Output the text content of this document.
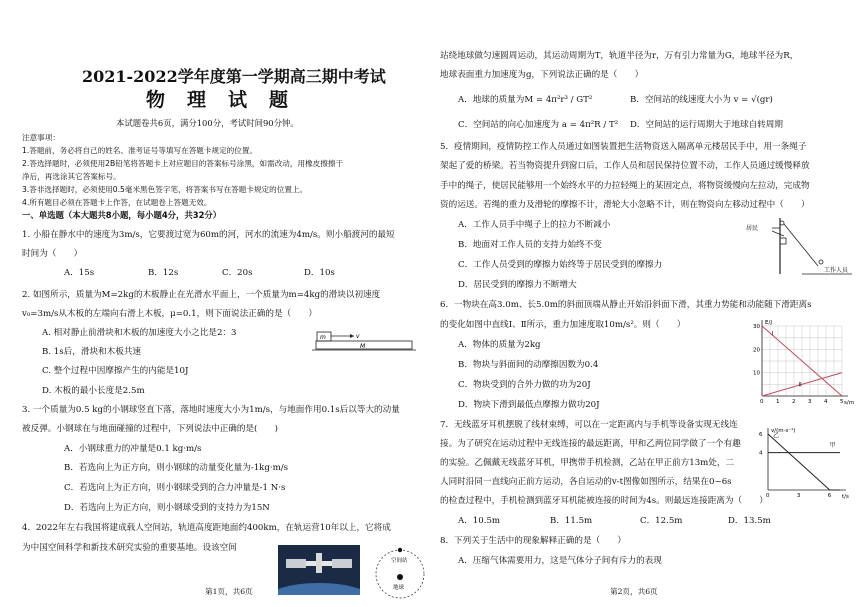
2021-2022学年度第一学期高三期中考试
物理试题
本试题卷共6页，满分100分，考试时间90分钟。
注意事项：
1.答题前，务必将自己的姓名、准考证号等填写在答题卡规定的位置。
2.答选择题时，必须使用2B铅笔将答题卡上对应题目的答案标号涂黑，如需改动，用橡皮擦擦干
净后，再选涂其它答案标号。
3.答非选择题时，必须使用0.5毫米黑色签字笔，将答案书写在答题卡规定的位置上。
4.所有题目必须在答题卡上作答，在试题卷上答题无效。
一、单选题（本大题共8小题，每小题4分，共32分）
1. 小船在静水中的速度为3m/s，它要渡过宽为60m的河，河水的流速为4m/s。则小船渡河的最短
时间为（　　）
A．15s	B．12s	C．20s	D．10s
2. 如图所示，质量为M=2kg的木板静止在光滑水平面上，一个质量为m=4kg的滑块以初速度
v₀=3m/s从木板的左端向右滑上木板，μ=0.1，则下面说法正确的是（　　）
A. 相对静止前滑块和木板的加速度大小之比是2：3
B. 1s后，滑块和木板共速
C. 整个过程中因摩擦产生的内能是10J
D. 木板的最小长度是2.5m
m	v
M
3. 一个质量为0.5 kg的小钢球竖直下落，落地时速度大小为1m/s，与地面作用0.1s后以等大的动量
被反弹。小钢球在与地面碰撞的过程中，下列说法中正确的是(　　)
A．小钢球重力的冲量是0.1 kg·m/s
B．若选向上为正方向，则小钢球的动量变化量为-1kg·m/s
C．若选向上为正方向，则小钢球受到的合力冲量是-1 N·s
D．若选向上为正方向，则小钢球受到的支持力为15N
4．2022年左右我国将建成载人空间站，轨道高度距地面约400km，在轨运营10年以上，它将成
为中国空间科学和新技术研究实验的重要基地。设该空间
空间站
地球
第1页，共6页
站绕地球做匀速圆周运动，其运动周期为T，轨道半径为r，万有引力常量为G，地球半径为R，
地球表面重力加速度为g，下列说法正确的是（　　）
A．地球的质量为M = 4π²r³ / GT²	B．空间站的线速度大小为 v = √(gr)
C．空间站的向心加速度为 a = 4π²R / T² D．空间站的运行周期大于地球自转周期
5．疫情期间，疫情防控工作人员通过如图装置把生活物资送入隔离单元楼居民手中，用一条绳子
架起了爱的桥梁。若当物资提升到窗口后，工作人员和居民保持位置不动，工作人员通过缓慢释放
手中的绳子，使居民能够用一个始终水平的力拉轻绳上的某固定点，将物资缓慢向左拉动，完成物
资的运送。若绳的重力及滑轮的摩擦不计，滑轮大小忽略不计，则在物资向左移动过程中（　　）
A．工作人员手中绳子上的拉力不断减小
B．地面对工作人员的支持力始终不变
C．工作人员受到的摩擦力始终等于居民受到的摩擦力
D．居民受到的摩擦力不断增大
居民
工作人员
6．一物块在高3.0m、长5.0m的斜面顶端从静止开始沿斜面下滑，其重力势能和动能随下滑距离s
的变化如图中直线Ⅰ、Ⅱ所示，重力加速度取10m/s²。则（　　）
A．物体的质量为2kg
B．物块与斜面间的动摩擦因数为0.4
C．物块受到的合外力做的功为20J
D．物块下滑到最低点摩擦力做功20J
E/J
s/m
0 1 2 3 4 5
10
20
30
Ⅰ
Ⅱ
7．无线蓝牙耳机摆脱了线材束缚，可以在一定距离内与手机等设备实现无线连
接。为了研究在运动过程中无线连接的最远距离，甲和乙两位同学做了一个有趣
的实验。乙佩戴无线蓝牙耳机，甲携带手机检测，乙站在甲正前方13m处，二
人同时沿同一直线向正前方运动，各自运动的v-t图像如图所示，结果在0~6s
的检查过程中，手机检测到蓝牙耳机能被连接的时间为4s。则最远连接距离为（　　）
A．10.5m	B．11.5m	C．12.5m	D．13.5m
v/(m·s⁻¹)
t/s
0	3	6
4
6
甲
乙
8．下列关于生活中的现象解释正确的是（　　）
A．压缩气体需要用力，这是气体分子间有斥力的表现
第2页，共6页
